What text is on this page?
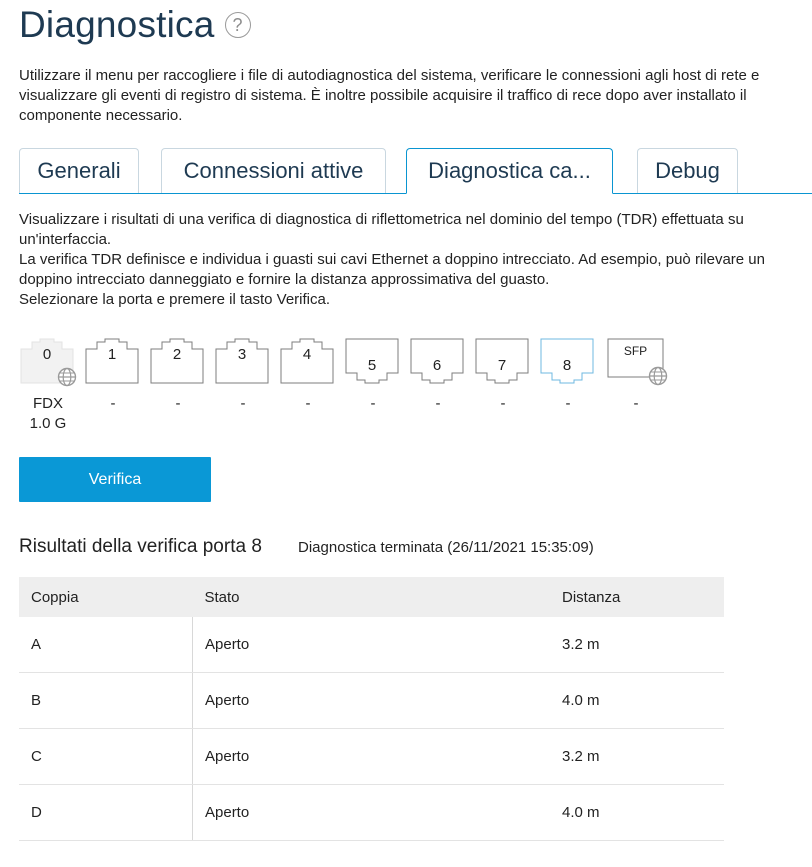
Diagnostica ?

Utilizzare il menu per raccogliere i file di autodiagnostica del sistema, verificare le connessioni agli host di rete e visualizzare gli eventi di registro di sistema. È inoltre possibile acquisire il traffico di rece dopo aver installato il componente necessario.

Generali	Connessioni attive	Diagnostica ca...	Debug

Visualizzare i risultati di una verifica di diagnostica di riflettometrica nel dominio del tempo (TDR) effettuata su un'interfaccia.

La verifica TDR definisce e individua i guasti sui cavi Ethernet a doppino intrecciato. Ad esempio, può rilevare un doppino intrecciato danneggiato e fornire la distanza approssimativa del guasto.

Selezionare la porta e premere il tasto Verifica.

0
FDX
1.0 G
1
-
2
-
3
-
4
-
5
-
6
-
7
-
8
-
SFP
-
Verifica
Risultati della verifica porta 8 Diagnostica terminata (26/11/2021 15:35:09)
Coppia	Stato	Distanza
A	Aperto	3.2 m
B	Aperto	4.0 m
C	Aperto	3.2 m
D	Aperto	4.0 m
